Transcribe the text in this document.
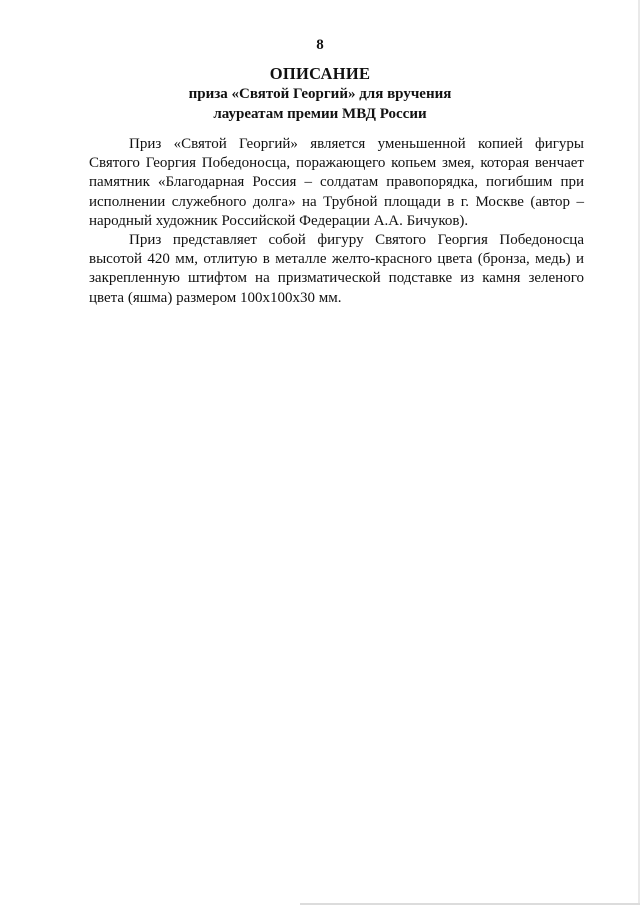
8
ОПИСАНИЕ
приза «Святой Георгий» для вручения
лауреатам премии МВД России

Приз «Святой Георгий» является уменьшенной копией фигуры Святого Георгия Победоносца, поражающего копьем змея, которая венчает памятник «Благодарная Россия – солдатам правопорядка, погибшим при исполнении служебного долга» на Трубной площади в г. Москве (автор – народный художник Российской Федерации А.А. Бичуков).

Приз представляет собой фигуру Святого Георгия Победоносца высотой 420 мм, отлитую в металле желто-красного цвета (бронза, медь) и закрепленную штифтом на призматической подставке из камня зеленого цвета (яшма) размером 100x100x30 мм.
